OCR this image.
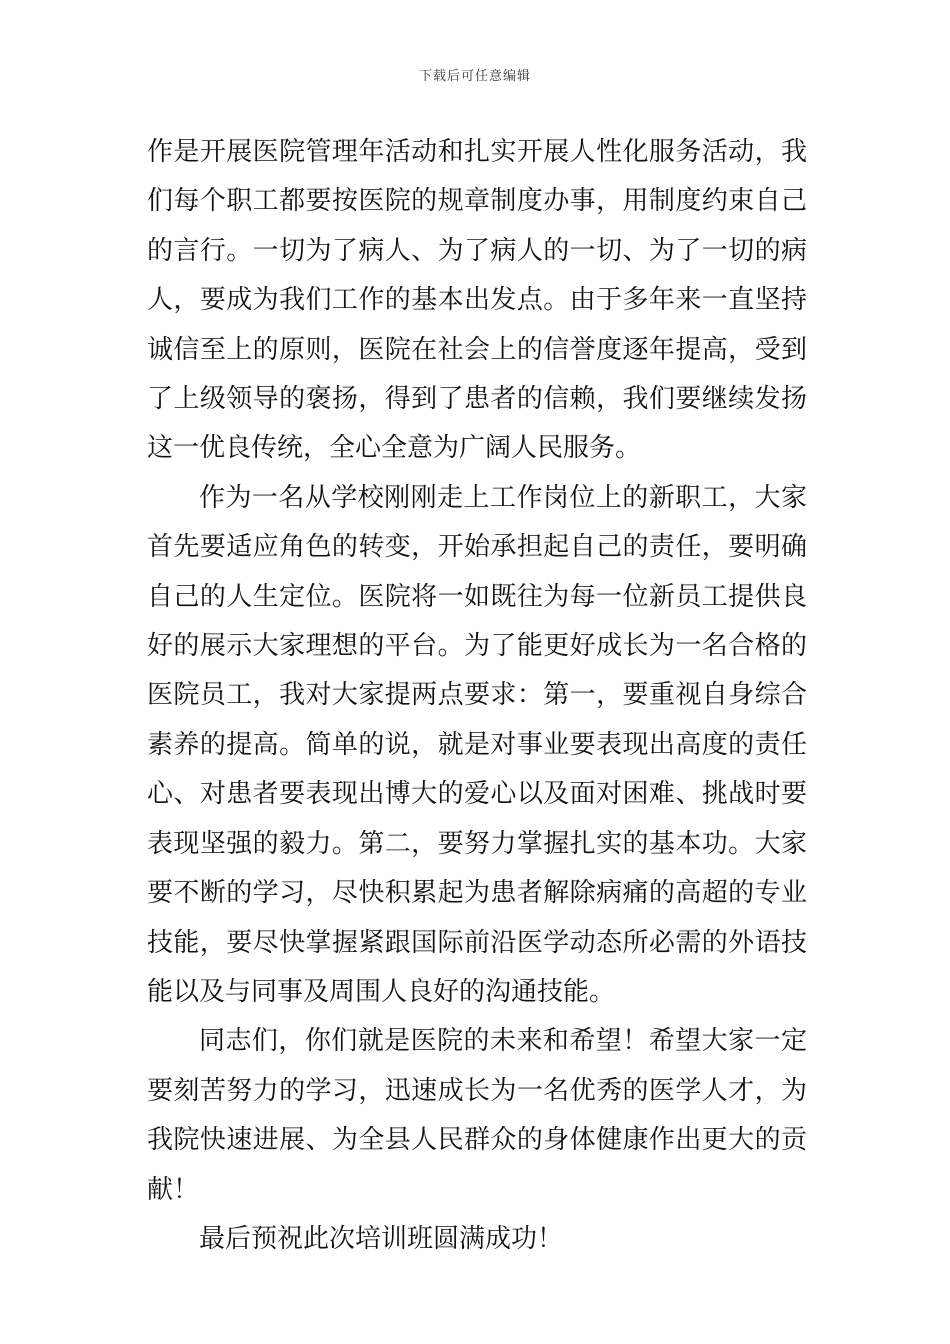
下载后可任意编辑

作是开展医院管理年活动和扎实开展人性化服务活动，我们每个职工都要按医院的规章制度办事，用制度约束自己的言行。一切为了病人、为了病人的一切、为了一切的病人，要成为我们工作的基本出发点。由于多年来一直坚持诚信至上的原则，医院在社会上的信誉度逐年提高，受到了上级领导的褒扬，得到了患者的信赖，我们要继续发扬这一优良传统，全心全意为广阔人民服务。

作为一名从学校刚刚走上工作岗位上的新职工，大家首先要适应角色的转变，开始承担起自己的责任，要明确自己的人生定位。医院将一如既往为每一位新员工提供良好的展示大家理想的平台。为了能更好成长为一名合格的医院员工，我对大家提两点要求：第一，要重视自身综合素养的提高。简单的说，就是对事业要表现出高度的责任心、对患者要表现出博大的爱心以及面对困难、挑战时要表现坚强的毅力。第二，要努力掌握扎实的基本功。大家要不断的学习，尽快积累起为患者解除病痛的高超的专业技能，要尽快掌握紧跟国际前沿医学动态所必需的外语技能以及与同事及周围人良好的沟通技能。

同志们，你们就是医院的未来和希望！希望大家一定要刻苦努力的学习，迅速成长为一名优秀的医学人才，为我院快速进展、为全县人民群众的身体健康作出更大的贡献！

最后预祝此次培训班圆满成功！
